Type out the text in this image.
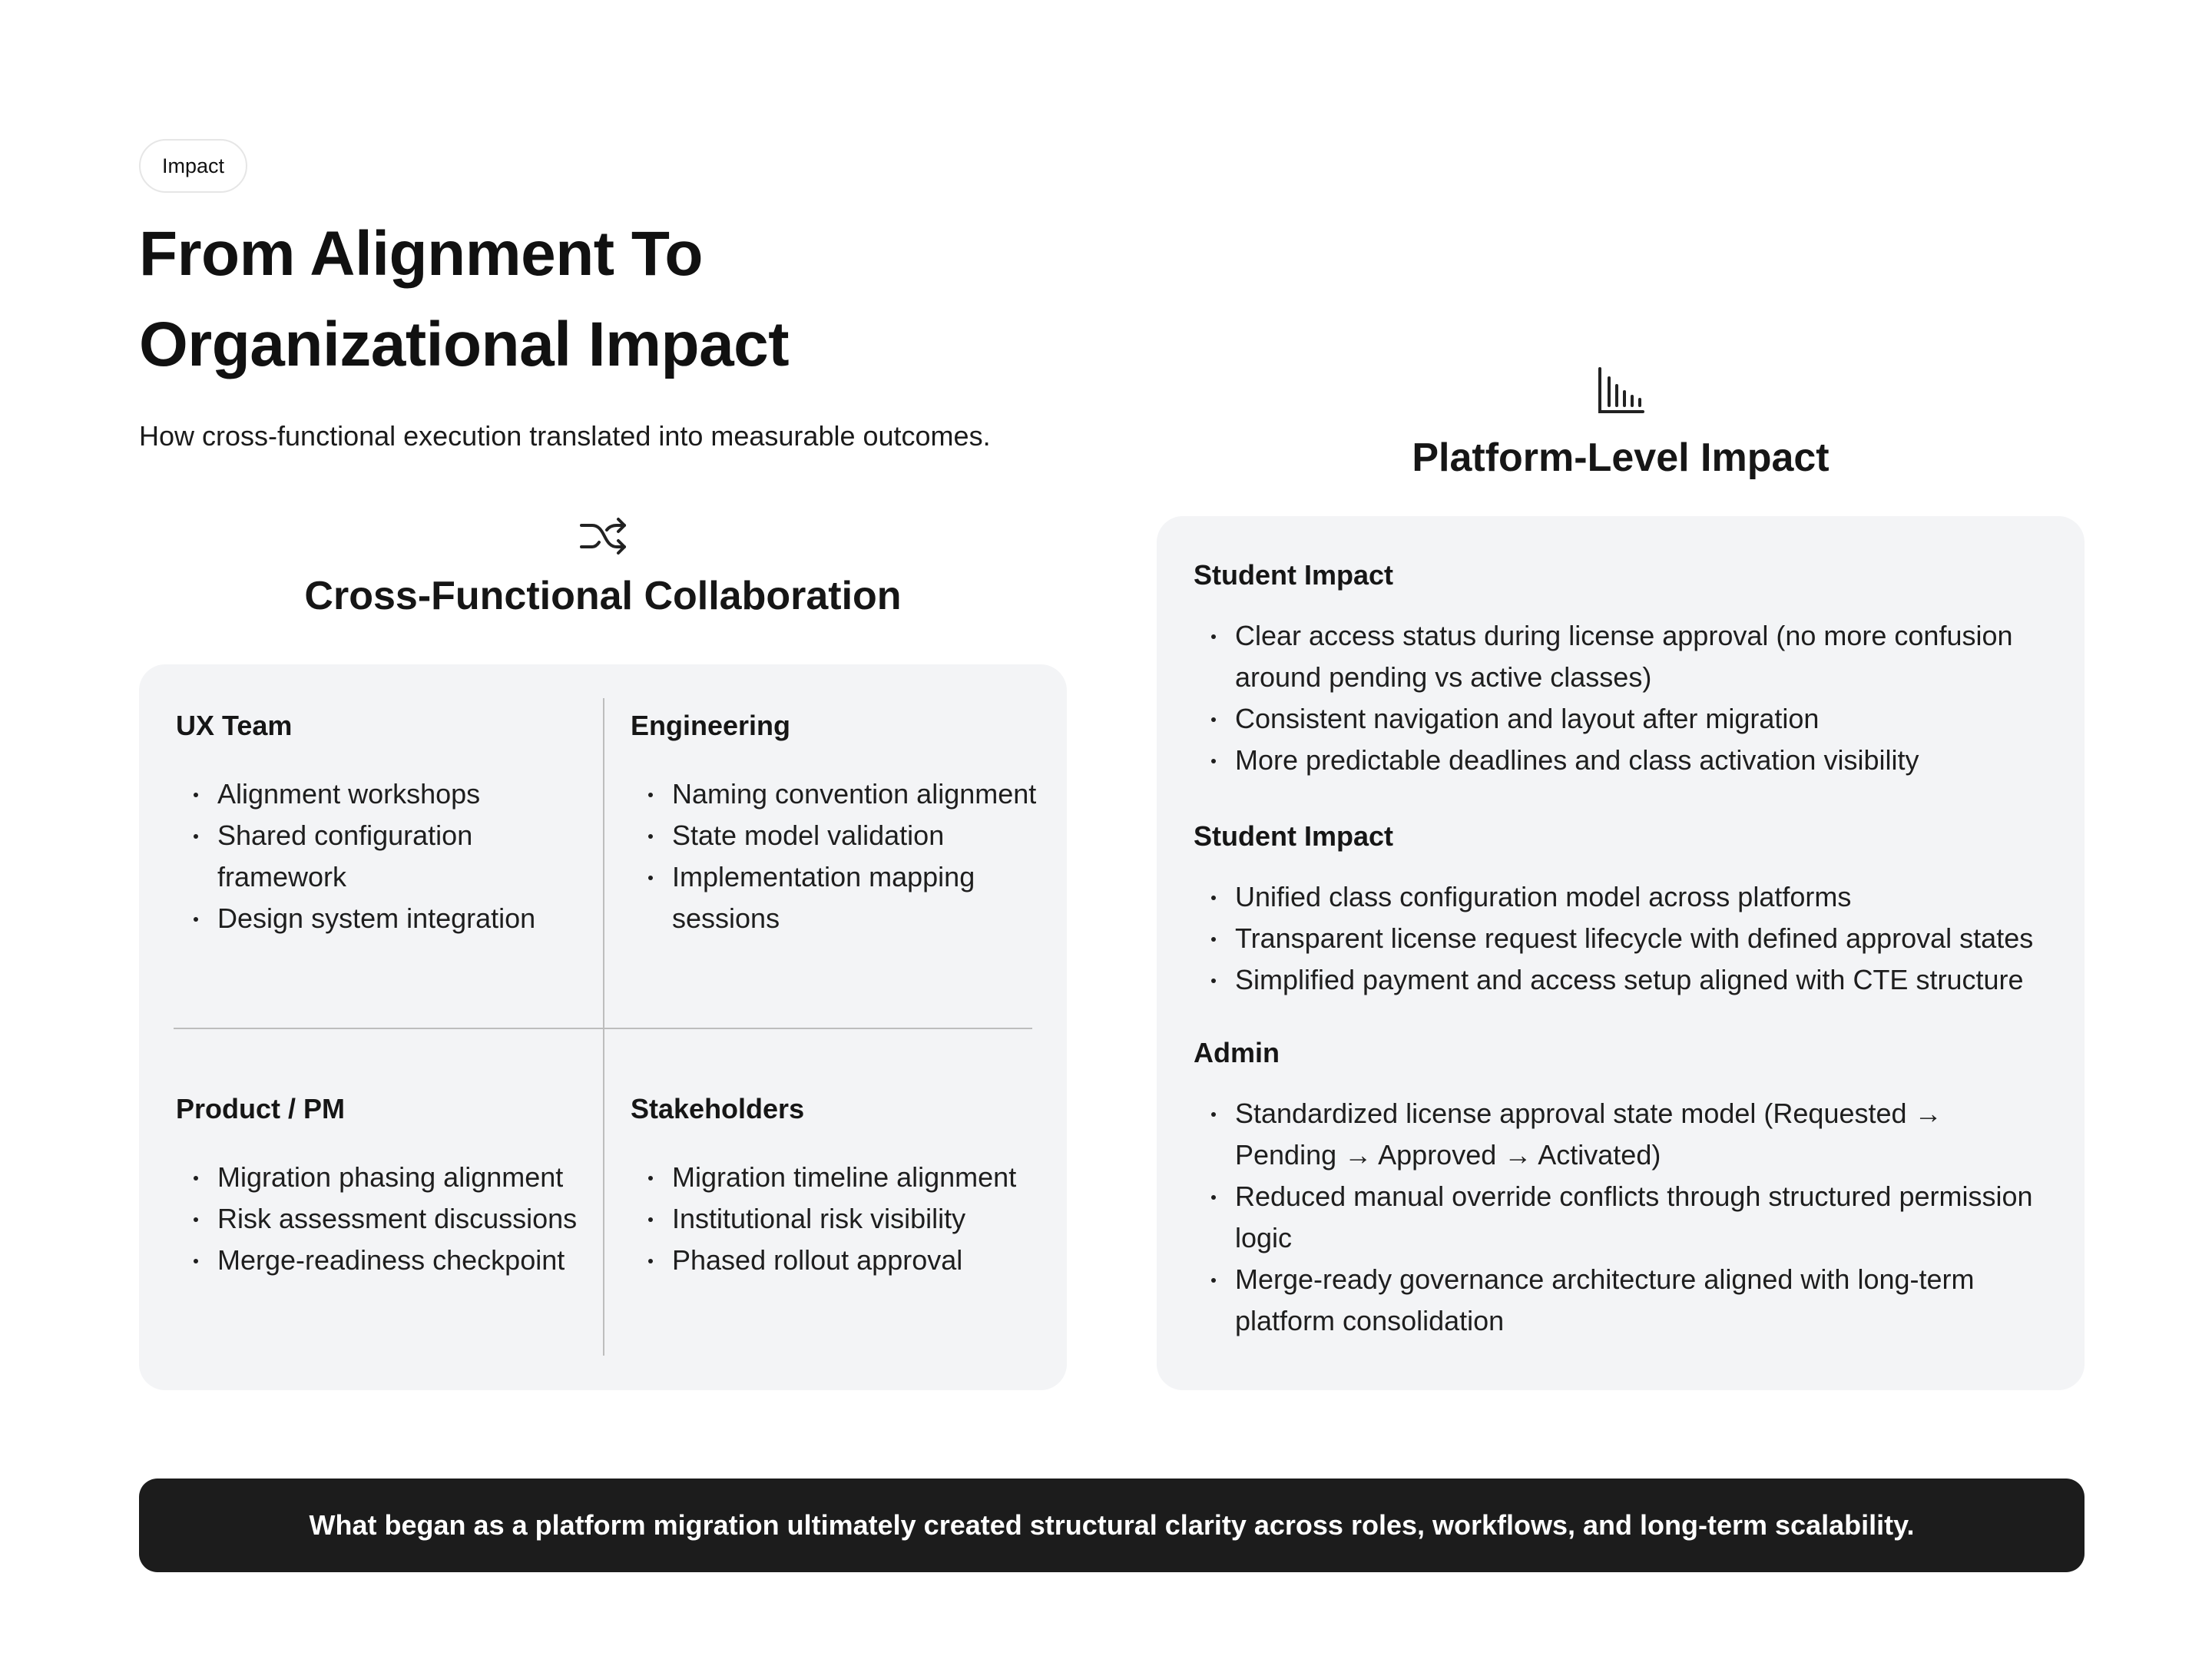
Impact
From Alignment To
Organizational Impact

How cross-functional execution translated into measurable outcomes.

Cross-Functional Collaboration
UX Team
Alignment workshops
Shared configuration framework
Design system integration
Engineering
Naming convention alignment
State model validation
Implementation mapping sessions
Product / PM
Migration phasing alignment
Risk assessment discussions
Merge-readiness checkpoint
Stakeholders
Migration timeline alignment
Institutional risk visibility
Phased rollout approval
Platform-Level Impact
Student Impact
Clear access status during license approval (no more confusion around pending vs active classes)
Consistent navigation and layout after migration
More predictable deadlines and class activation visibility
Student Impact
Unified class configuration model across platforms
Transparent license request lifecycle with defined approval states
Simplified payment and access setup aligned with CTE structure
Admin
Standardized license approval state model (Requested → Pending → Approved → Activated)
Reduced manual override conflicts through structured permission logic
Merge-ready governance architecture aligned with long-term platform consolidation
What began as a platform migration ultimately created structural clarity across roles, workflows, and long-term scalability.
